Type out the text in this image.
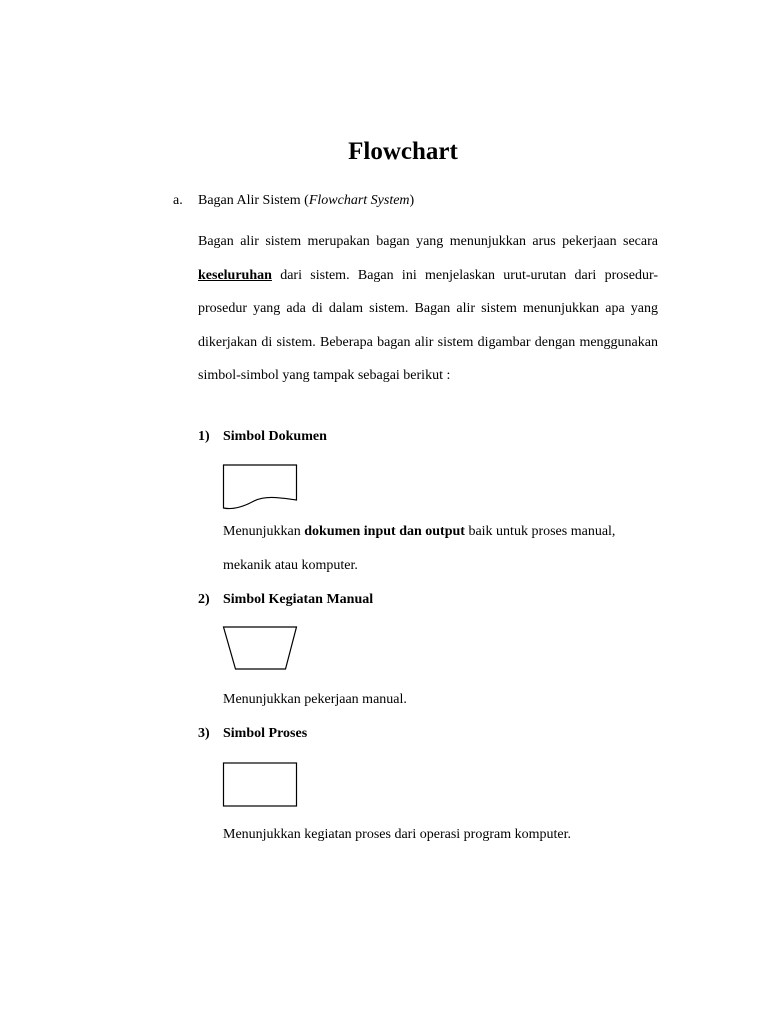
Flowchart
a. Bagan Alir Sistem (Flowchart System)
Bagan alir sistem merupakan bagan yang menunjukkan arus pekerjaan secara keseluruhan dari sistem. Bagan ini menjelaskan urut-urutan dari prosedur-prosedur yang ada di dalam sistem. Bagan alir sistem menunjukkan apa yang dikerjakan di sistem. Beberapa bagan alir sistem digambar dengan menggunakan simbol-simbol yang tampak sebagai berikut :
1) Simbol Dokumen
Menunjukkan dokumen input dan output baik untuk proses manual, mekanik atau komputer.
2) Simbol Kegiatan Manual
Menunjukkan pekerjaan manual.
3) Simbol Proses
Menunjukkan kegiatan proses dari operasi program komputer.
